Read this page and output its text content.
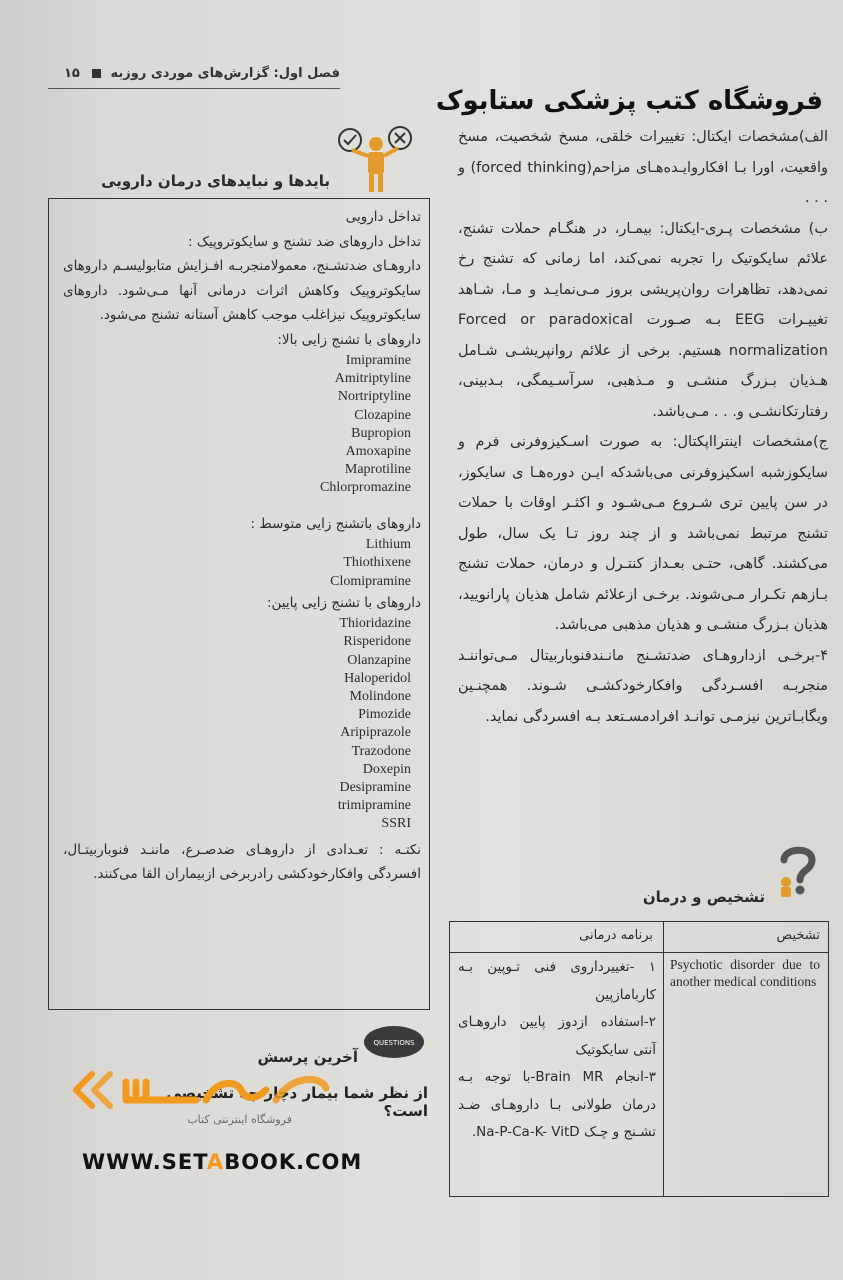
۱۵ فصل اول: گزارش‌های موردی روزبه
فروشگاه کتب پزشکی ستابوک

الف)مشخصات ایکتال: تغییرات خلقی، مسخ شخصیت، مسخ واقعیت، اورا بـا افکاروایـده‌هـای مزاحم(forced thinking) و . . .

ب) مشخصات پـری-ایکتال: بیمـار، در هنگـام حملات تشنج، علائم سایکوتیک را تجربه نمی‌کند، اما زمانی که تشنج رخ نمی‌دهد، تظاهرات روان‌پریشی بروز مـی‌نمایـد و مـا، شـاهد تغییـرات EEG بـه صـورت Forced or paradoxical normalization هستیم. برخی از علائم روانپریشـی شـامل هـذیان بـزرگ منشـی و مـذهبی، سرآسـیمگی، بـدبینی، رفتارتکانشـی و. . . مـی‌باشد.

ج)مشخصات اینترااپکتال: به صورت اسـکیزوفرنی فرم و سایکوزشبه اسکیزوفرنی می‌باشدکه ایـن دوره‌هـا ی سایکوز، در سن پایین تری شـروع مـی‌شـود و اکثـر اوقات با حملات تشنج مرتبط نمی‌باشد و از چند روز تـا یک سال، طول می‌کشند. گاهی، حتـی بعـداز کنتـرل و درمان، حملات تشنج بـازهم تکـرار مـی‌شوند. برخـی ازعلائم شامل هذیان پارانویید، هذیان بـزرگ منشـی و هذیان مذهبی می‌باشد.

۴-برخـی ازداروهـای ضدتشـنج مانـندفنوباربیتال مـی‌تواننـد منجربـه افسـردگی وافکارخودکشـی شـوند. همچنـین ویگابـاترین نیزمـی توانـد افرادمسـتعد بـه افسردگی نماید.

بایدها و نبایدهای درمان دارویی

تداخل دارویی

تداخل داروهای ضد تشنج و سایکوتروپیک :

داروهـای ضدتشـنج، معمولامنجربـه افـزایش متابولیسـم داروهای سایکوتروپیک وکاهش اثرات درمانی آنها مـی‌شود. داروهای سایکوتروپیک نیزاغلب موجب کاهش آستانه تشنج می‌شود.

داروهای با تشنج زایی بالا:

Imipramine
Amitriptyline
Nortriptyline
Clozapine
Bupropion
Amoxapine
Maprotiline
Chlorpromazine

داروهای باتشنج زایی متوسط :

Lithium
Thiothixene
Clomipramine

داروهای با تشنج زایی پایین:

Thioridazine
Risperidone
Olanzapine
Haloperidol
Molindone
Pimozide
Aripiprazole
Trazodone
Doxepin
Desipramine
trimipramine
SSRI

نکتـه : تعـدادی از داروهـای ضدصـرع، ماننـد فنوباربیتـال، افسردگی وافکارخودکشی رادربرخی ازبیماران القا می‌کنند.

تشخیص و درمان
تشخیص
برنامه درمانی
Psychotic disorder due to another medical conditions

۱ -تغییرداروی فنی تـوپین بـه کاربامازپین

۲-استفاده ازدوز پایین داروهـای آنتی سایکوتیک

۳-انجام Brain MR-با توجه بـه درمان طولانی بـا داروهـای ضـد تشـنج و چـک Na-P-Ca-K- VitD.

QUESTIONS
آخرین پرسش
از نظر شما بیمار دچار چه تشخیصی است؟
فروشگاه اینترنتی کتاب
WWW.SETABOOK.COM
